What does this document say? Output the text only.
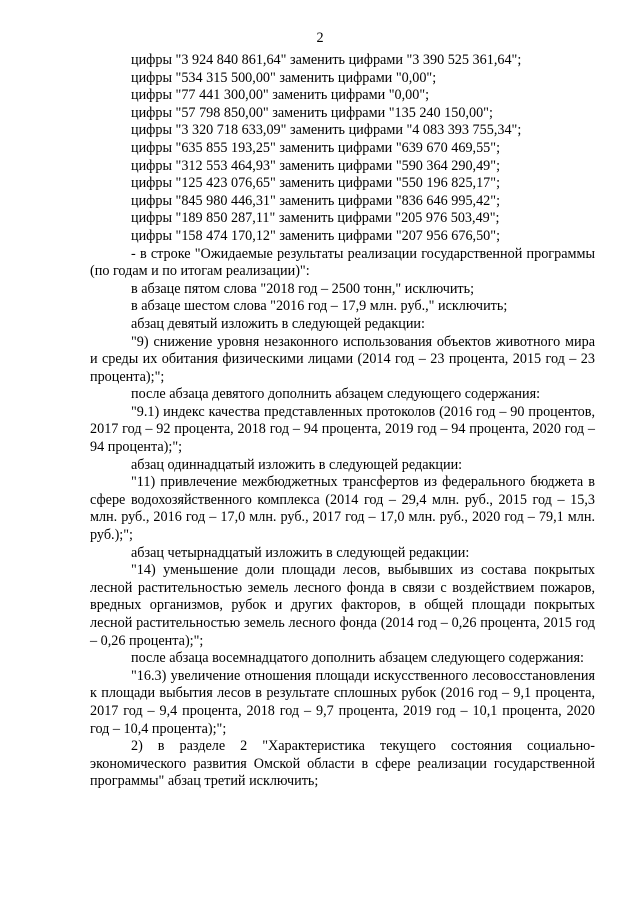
2
цифры "3 924 840 861,64" заменить цифрами "3 390 525 361,64";
цифры "534 315 500,00" заменить цифрами "0,00";
цифры "77 441 300,00" заменить цифрами "0,00";
цифры "57 798 850,00" заменить цифрами "135 240 150,00";
цифры "3 320 718 633,09" заменить цифрами "4 083 393 755,34";
цифры "635 855 193,25" заменить цифрами "639 670 469,55";
цифры "312 553 464,93" заменить цифрами "590 364 290,49";
цифры "125 423 076,65" заменить цифрами "550 196 825,17";
цифры "845 980 446,31" заменить цифрами "836 646 995,42";
цифры "189 850 287,11" заменить цифрами "205 976 503,49";
цифры "158 474 170,12" заменить цифрами "207 956 676,50";

- в строке "Ожидаемые результаты реализации государственной программы (по годам и по итогам реализации)":

в абзаце пятом слова "2018 год – 2500 тонн," исключить;

в абзаце шестом слова "2016 год – 17,9 млн. руб.," исключить;

абзац девятый изложить в следующей редакции:

"9) снижение уровня незаконного использования объектов животного мира и среды их обитания физическими лицами (2014 год – 23 процента, 2015 год – 23 процента);";

после абзаца девятого дополнить абзацем следующего содержания:

"9.1) индекс качества представленных протоколов (2016 год – 90 процентов, 2017 год – 92 процента, 2018 год – 94 процента, 2019 год – 94 процента, 2020 год – 94 процента);";

абзац одиннадцатый изложить в следующей редакции:

"11) привлечение межбюджетных трансфертов из федерального бюджета в сфере водохозяйственного комплекса (2014 год – 29,4 млн. руб., 2015 год – 15,3 млн. руб., 2016 год – 17,0 млн. руб., 2017 год – 17,0 млн. руб., 2020 год – 79,1 млн. руб.);";

абзац четырнадцатый изложить в следующей редакции:

"14) уменьшение доли площади лесов, выбывших из состава покрытых лесной растительностью земель лесного фонда в связи с воздействием пожаров, вредных организмов, рубок и других факторов, в общей площади покрытых лесной растительностью земель лесного фонда (2014 год – 0,26 процента, 2015 год – 0,26 процента);";

после абзаца восемнадцатого дополнить абзацем следующего содержания:

"16.3) увеличение отношения площади искусственного лесовосстановления к площади выбытия лесов в результате сплошных рубок (2016 год – 9,1 процента, 2017 год – 9,4 процента, 2018 год – 9,7 процента, 2019 год – 10,1 процента, 2020 год – 10,4 процента);";

2) в разделе 2 "Характеристика текущего состояния социально-экономического развития Омской области в сфере реализации государственной программы" абзац третий исключить;
